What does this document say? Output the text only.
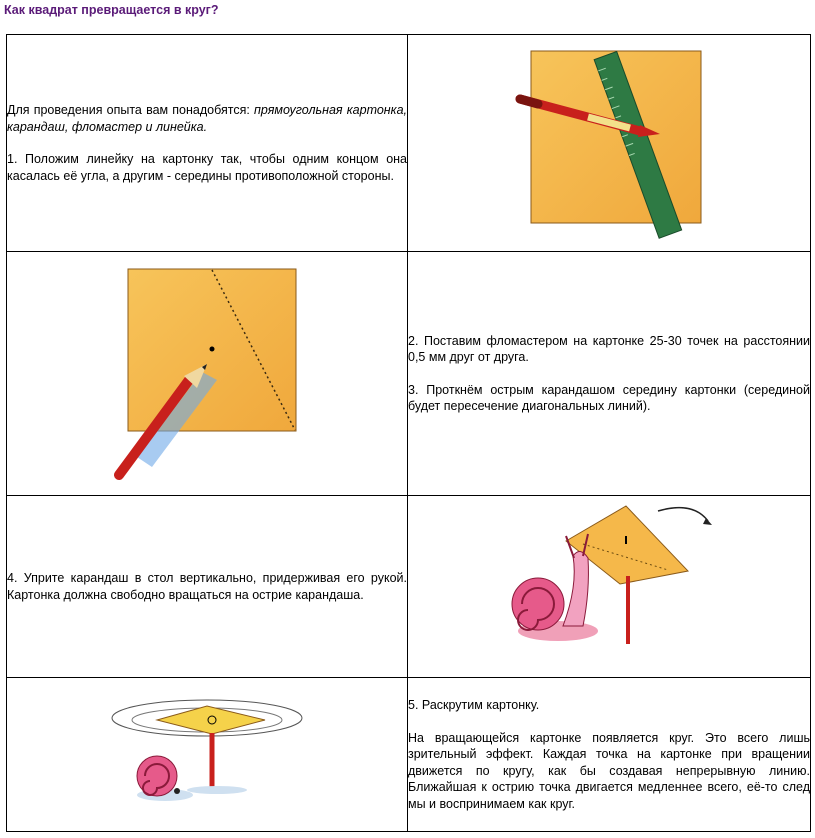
Как квадрат превращается в круг?

Для проведения опыта вам понадобятся: прямоугольная картонка, карандаш, фломастер и линейка.

1. Положим линейку на картонку так, чтобы одним концом она касалась её угла, а другим - середины противоположной стороны.

2. Поставим фломастером на картонке 25-30 точек на расстоянии 0,5 мм друг от друга.

3. Проткнём острым карандашом середину картонки (серединой будет пересечение диагональных линий).

4. Уприте карандаш в стол вертикально, придерживая его рукой. Картонка должна свободно вращаться на острие карандаша.

5. Раскрутим картонку.

На вращающейся картонке появляется круг. Это всего лишь зрительный эффект. Каждая точка на картонке при вращении движется по кругу, как бы создавая непрерывную линию. Ближайшая к острию точка двигается медленнее всего, её-то след мы и воспринимаем как круг.
